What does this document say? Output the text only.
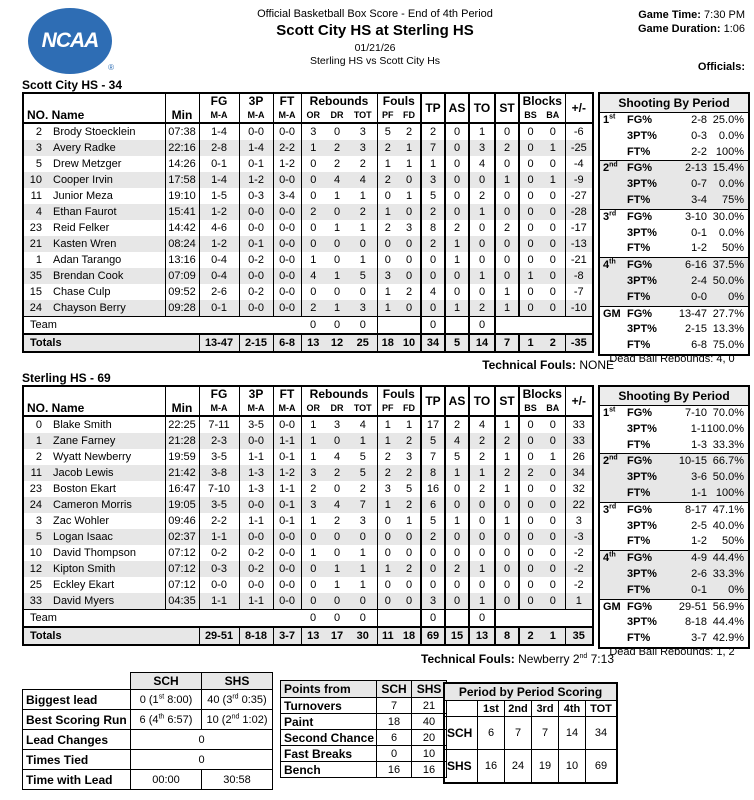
NCAA
®
Official Basketball Box Score - End of 4th Period
Scott City HS at Sterling HS
01/21/26
Sterling HS vs Scott City Hs
Game Time: 7:30 PM
Game Duration: 1:06
Officials:
Scott City HS - 34
NO. Name		Min	FG	3P	FT	Rebounds			Fouls		TP	AS	TO	ST	Blocks		+/-
			M-A	M-A	M-A	OR	DR	TOT	PF	FD					BS	BA	
2	Brody Stoecklein	07:38	1-4	0-0	0-0	3	0	3	5	2	2	0	1	0	0	0	-6
3	Avery Radke	22:16	2-8	1-4	2-2	1	2	3	2	1	7	0	3	2	0	1	-25
5	Drew Metzger	14:26	0-1	0-1	1-2	0	2	2	1	1	1	0	4	0	0	0	-4
10	Cooper Irvin	17:58	1-4	1-2	0-0	0	4	4	2	0	3	0	0	1	0	1	-9
11	Junior Meza	19:10	1-5	0-3	3-4	0	1	1	0	1	5	0	2	0	0	0	-27
4	Ethan Faurot	15:41	1-2	0-0	0-0	2	0	2	1	0	2	0	1	0	0	0	-28
23	Reid Felker	14:42	4-6	0-0	0-0	0	1	1	2	3	8	2	0	2	0	0	-17
21	Kasten Wren	08:24	1-2	0-1	0-0	0	0	0	0	0	2	1	0	0	0	0	-13
1	Adan Tarango	13:16	0-4	0-2	0-0	1	0	1	0	0	0	1	0	0	0	0	-21
35	Brendan Cook	07:09	0-4	0-0	0-0	4	1	5	3	0	0	0	1	0	1	0	-8
15	Chase Culp	09:52	2-6	0-2	0-0	0	0	0	1	2	4	0	0	1	0	0	-7
24	Chayson Berry	09:28	0-1	0-0	0-0	2	1	3	1	0	0	1	2	1	0	0	-10
Team						0	0	0			0		0				
Totals			13-47	2-15	6-8	13	12	25	18	10	34	5	14	7	1	2	-35
Shooting By Period
1st	FG%	2-8 25.0%
3PT%	0-3	0.0%
FT%	2-2 100%
2nd FG%	2-13 15.4%
3PT%	0-7	0.0%
FT%	3-4	75%
3rd FG%	3-10 30.0%
3PT%	0-1	0.0%
FT%	1-2	50%
4th	FG%	6-16 37.5%
3PT%	2-4 50.0%
FT%	0-0	0%
GM FG%	13-47 27.7%
3PT%	2-15 13.3%
FT%	6-8 75.0%
Dead Ball Rebounds: 4, 0
Technical Fouls: NONE
Sterling HS - 69
NO. Name		Min	FG	3P	FT	Rebounds			Fouls		TP	AS	TO	ST	Blocks		+/-
			M-A	M-A	M-A	OR	DR	TOT	PF	FD					BS	BA	
0	Blake Smith	22:25	7-11	3-5	0-0	1	3	4	1	1	17	2	4	1	0	0	33
1	Zane Farney	21:28	2-3	0-0	1-1	1	0	1	1	2	5	4	2	2	0	0	33
2	Wyatt Newberry	19:59	3-5	1-1	0-1	1	4	5	2	3	7	5	2	1	0	1	26
11	Jacob Lewis	21:42	3-8	1-3	1-2	3	2	5	2	2	8	1	1	2	2	0	34
23	Boston Ekart	16:47	7-10	1-3	1-1	2	0	2	3	5	16	0	2	1	0	0	32
24	Cameron Morris	19:05	3-5	0-0	0-1	3	4	7	1	2	6	0	0	0	0	0	22
3	Zac Wohler	09:46	2-2	1-1	0-1	1	2	3	0	1	5	1	0	1	0	0	3
5	Logan Isaac	02:37	1-1	0-0	0-0	0	0	0	0	0	2	0	0	0	0	0	-3
10	David Thompson	07:12	0-2	0-2	0-0	1	0	1	0	0	0	0	0	0	0	0	-2
12	Kipton Smith	07:12	0-3	0-2	0-0	0	1	1	1	2	0	2	1	0	0	0	-2
25	Eckley Ekart	07:12	0-0	0-0	0-0	0	1	1	0	0	0	0	0	0	0	0	-2
33	David Myers	04:35	1-1	1-1	0-0	0	0	0	0	0	3	0	1	0	0	0	1
Team						0	0	0			0		0				
Totals			29-51	8-18	3-7	13	17	30	11	18	69	15	13	8	2	1	35
Shooting By Period
1st	FG%	7-10 70.0%
3PT%	1-1 100.0%
FT%	1-3 33.3%
2nd FG%	10-15 66.7%
3PT%	3-6 50.0%
FT%	1-1 100%
3rd FG%	8-17 47.1%
3PT%	2-5 40.0%
FT%	1-2	50%
4th	FG%	4-9 44.4%
3PT%	2-6 33.3%
FT%	0-1	0%
GM FG%	29-51 56.9%
3PT%	8-18 44.4%
FT%	3-7 42.9%
Dead Ball Rebounds: 1, 2
Technical Fouls: Newberry 2nd 7:13
	SCH	SHS
Biggest lead	0 (1st 8:00)	40 (3rd 0:35)
Best Scoring Run	6 (4th 6:57)	10 (2nd 1:02)
Lead Changes	0	
Times Tied	0	
Time with Lead	00:00	30:58
Points from	SCH	SHS
Turnovers	7	21
Paint	18	40
Second Chance	6	20
Fast Breaks	0	10
Bench	16	16
Period by Period Scoring					
	1st	2nd	3rd	4th	TOT
SCH	6	7	7	14	34
SHS	16	24	19	10	69
